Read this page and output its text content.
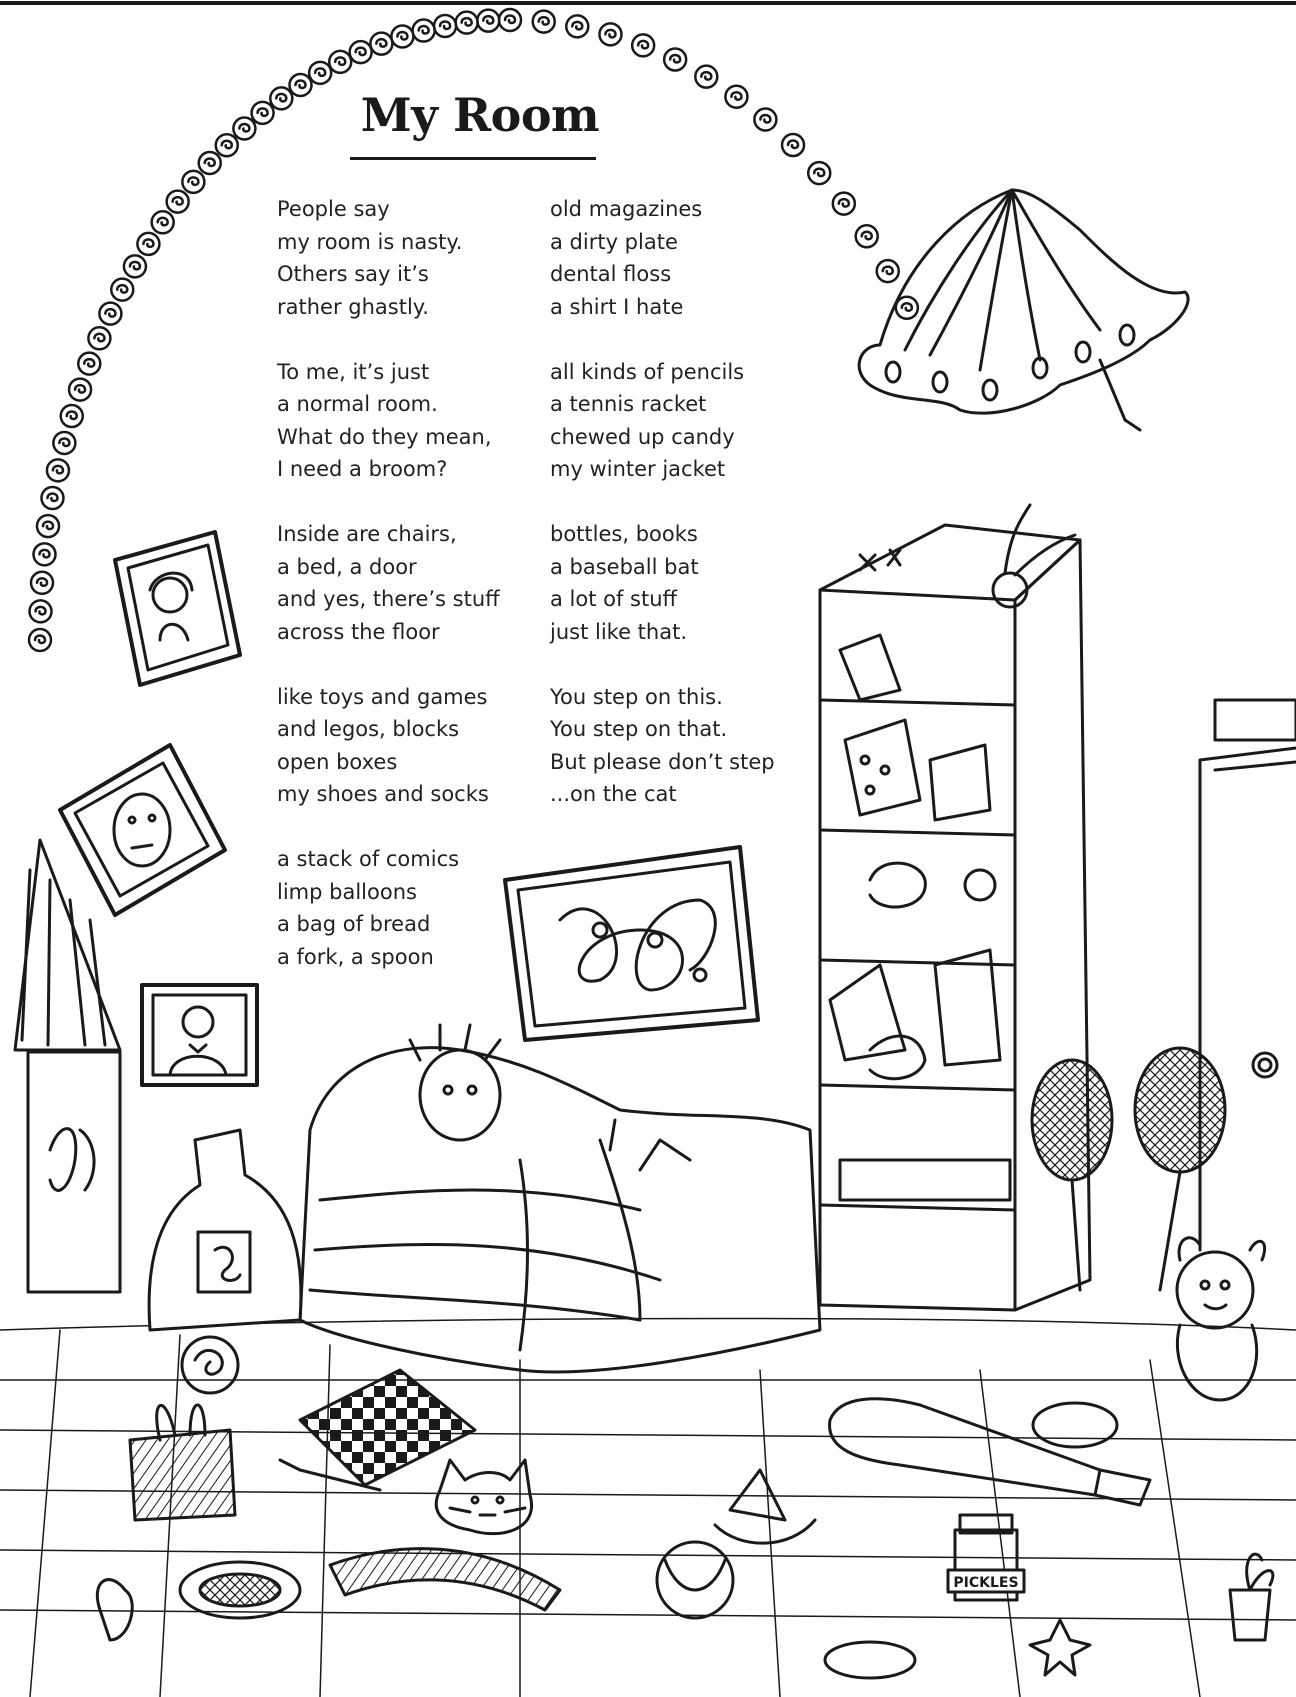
PICKLES
My Room
People say
my room is nasty.
Others say it’s
rather ghastly.
To me, it’s just
a normal room.
What do they mean,
I need a broom?
Inside are chairs,
a bed, a door
and yes, there’s stuff
across the floor
like toys and games
and legos, blocks
open boxes
my shoes and socks
a stack of comics
limp balloons
a bag of bread
a fork, a spoon
old magazines
a dirty plate
dental floss
a shirt I hate
all kinds of pencils
a tennis racket
chewed up candy
my winter jacket
bottles, books
a baseball bat
a lot of stuff
just like that.
You step on this.
You step on that.
But please don’t step
...on the cat
